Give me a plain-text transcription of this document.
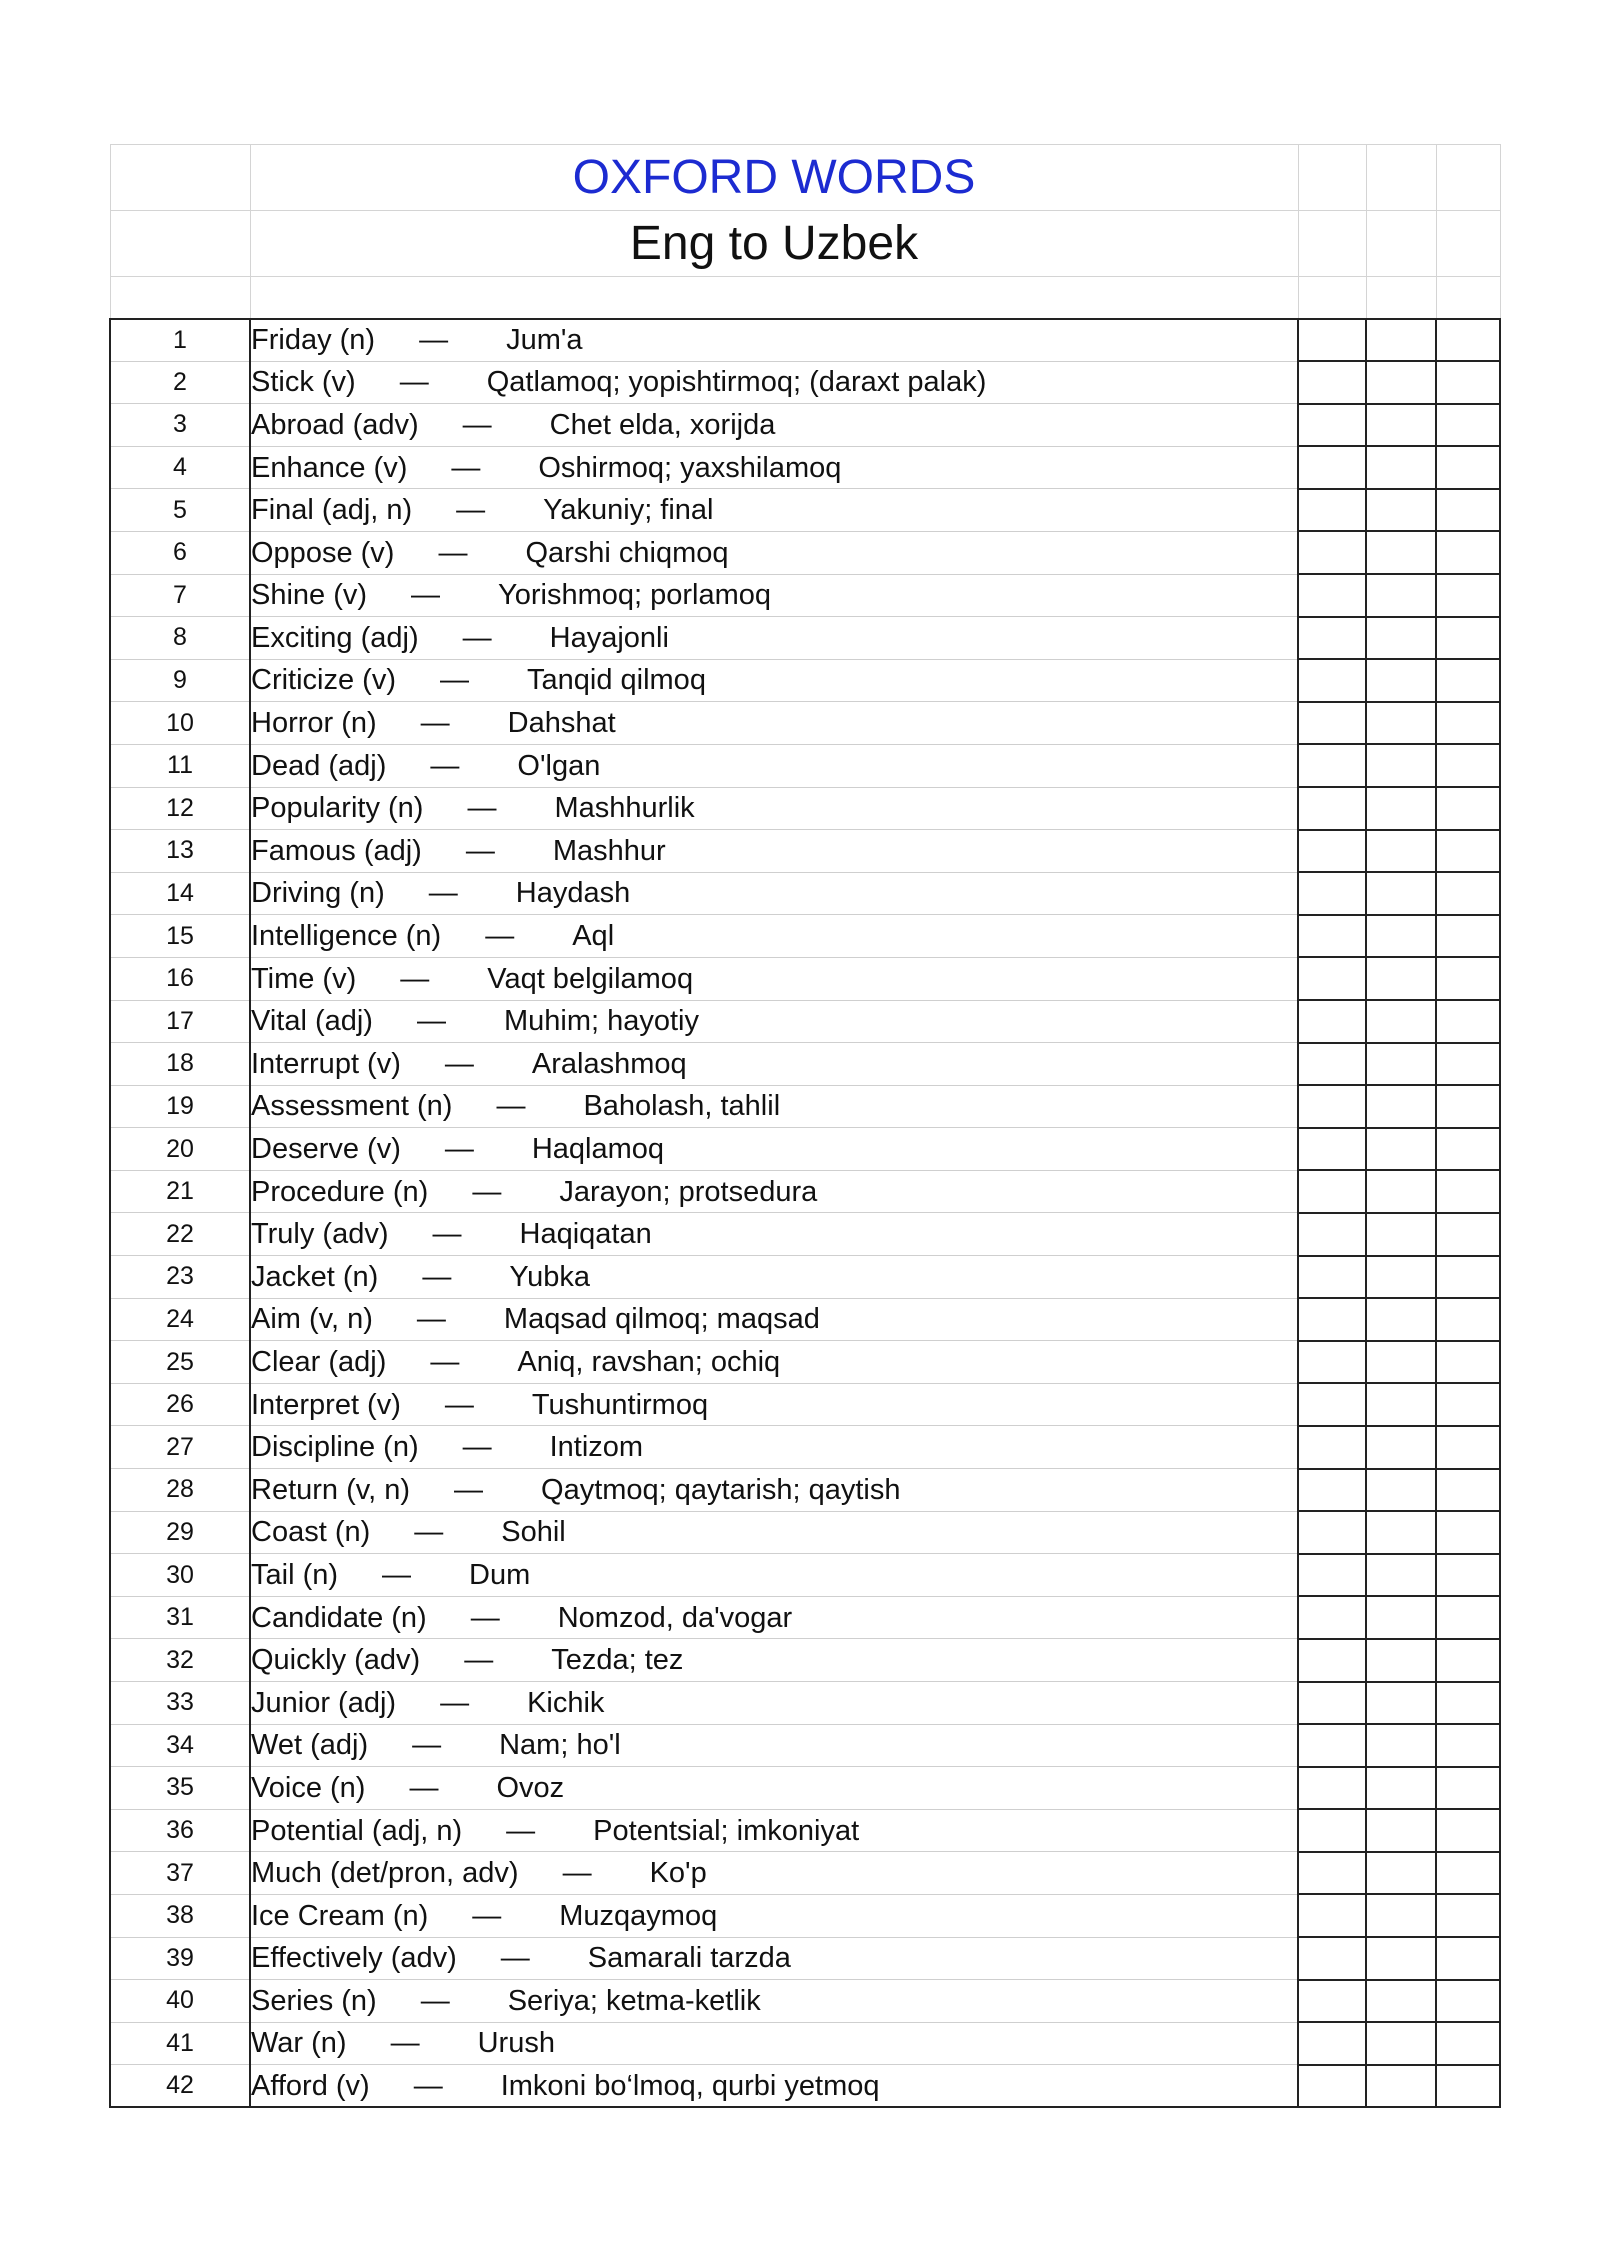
	OXFORD WORDS			
	Eng to Uzbek			

1	Friday (n) — Jum'a			
2	Stick (v) — Qatlamoq; yopishtirmoq; (daraxt palak)			
3	Abroad (adv) — Chet elda, xorijda			
4	Enhance (v) — Oshirmoq; yaxshilamoq			
5	Final (adj, n) — Yakuniy; final			
6	Oppose (v) — Qarshi chiqmoq			
7	Shine (v) — Yorishmoq; porlamoq			
8	Exciting (adj) — Hayajonli			
9	Criticize (v) — Tanqid qilmoq			
10	Horror (n) — Dahshat			
11	Dead (adj) — O'lgan			
12	Popularity (n) — Mashhurlik			
13	Famous (adj) — Mashhur			
14	Driving (n) — Haydash			
15	Intelligence (n) — Aql			
16	Time (v) — Vaqt belgilamoq			
17	Vital (adj) — Muhim; hayotiy			
18	Interrupt (v) — Aralashmoq			
19	Assessment (n) — Baholash, tahlil			
20	Deserve (v) — Haqlamoq			
21	Procedure (n) — Jarayon; protsedura			
22	Truly (adv) — Haqiqatan			
23	Jacket (n) — Yubka			
24	Aim (v, n) — Maqsad qilmoq; maqsad			
25	Clear (adj) — Aniq, ravshan; ochiq			
26	Interpret (v) — Tushuntirmoq			
27	Discipline (n) — Intizom			
28	Return (v, n) — Qaytmoq; qaytarish; qaytish			
29	Coast (n) — Sohil			
30	Tail (n) — Dum			
31	Candidate (n) — Nomzod, da'vogar			
32	Quickly (adv) — Tezda; tez			
33	Junior (adj) — Kichik			
34	Wet (adj) — Nam; ho'l			
35	Voice (n) — Ovoz			
36	Potential (adj, n) — Potentsial; imkoniyat			
37	Much (det/pron, adv) — Ko'p			
38	Ice Cream (n) — Muzqaymoq			
39	Effectively (adv) — Samarali tarzda			
40	Series (n) — Seriya; ketma-ketlik			
41	War (n) — Urush			
42	Afford (v) — Imkoni bo‘lmoq, qurbi yetmoq			
